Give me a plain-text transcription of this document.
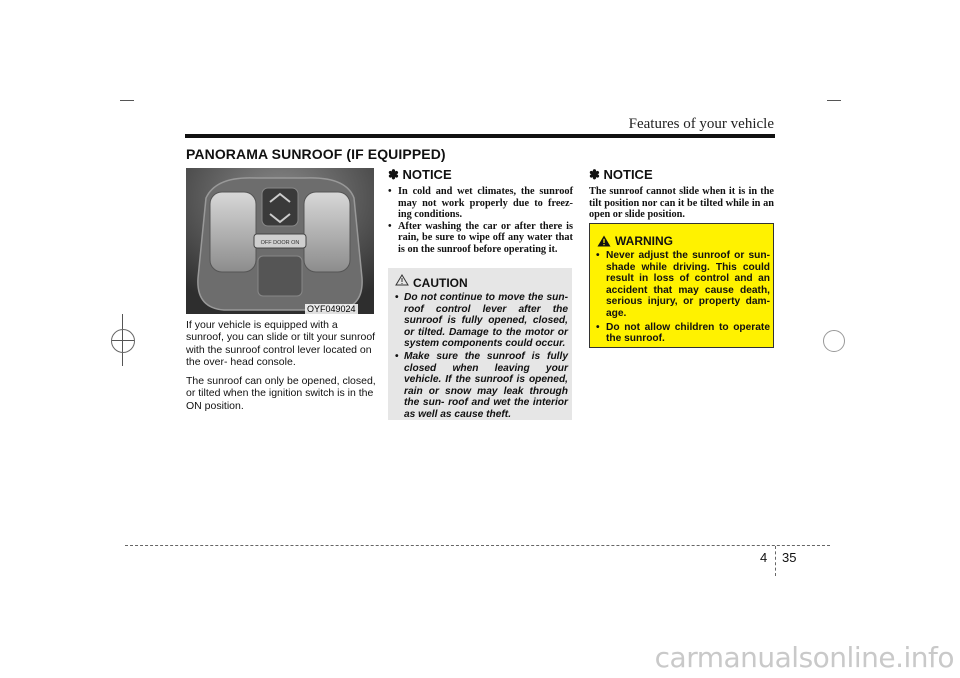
Features of your vehicle
PANORAMA SUNROOF (IF EQUIPPED)
OFF DOOR ON
OYF049024
If your vehicle is equipped with a sunroof, you can slide or tilt your sunroof with the sunroof control lever located on the over- head console.
The sunroof can only be opened, closed, or tilted when the ignition switch is in the ON position.
✽ NOTICE
• In cold and wet climates, the sunroof may not work properly due to freez- ing conditions.
• After washing the car or after there is rain, be sure to wipe off any water that is on the sunroof before operating it.
CAUTION
• Do not continue to move the sun- roof control lever after the sunroof is fully opened, closed, or tilted. Damage to the motor or system components could occur.
• Make sure the sunroof is fully closed when leaving your vehicle. If the sunroof is opened, rain or snow may leak through the sun- roof and wet the interior as well as cause theft.
✽ NOTICE
The sunroof cannot slide when it is in the tilt position nor can it be tilted while in an open or slide position.
WARNING
• Never adjust the sunroof or sun- shade while driving. This could result in loss of control and an accident that may cause death, serious injury, or property dam- age.
• Do not allow children to operate the sunroof.
4 35
carmanualsonline.info
